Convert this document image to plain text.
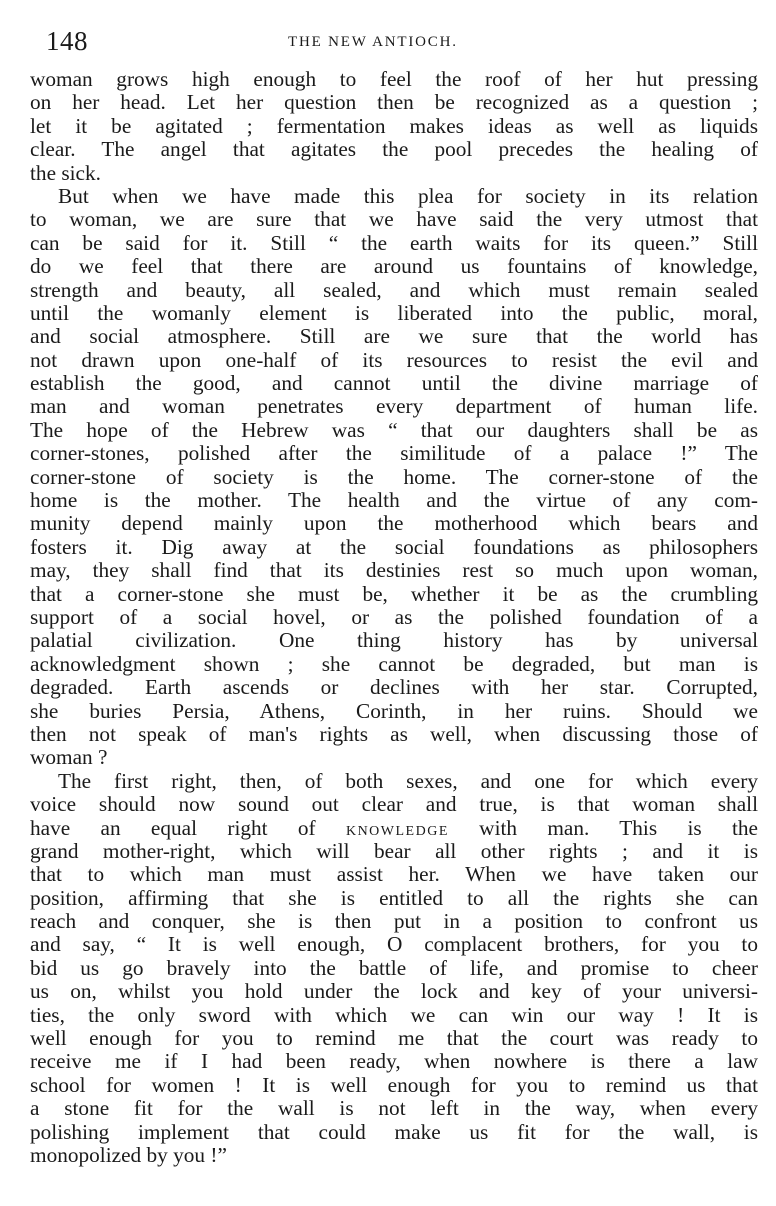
148	THE NEW ANTIOCH.
woman grows high enough to feel the roof of her hut pressing
on her head. Let her question then be recognized as a question ;
let it be agitated ; fermentation makes ideas as well as liquids
clear. The angel that agitates the pool precedes the healing of
the sick.
But when we have made this plea for society in its relation
to woman, we are sure that we have said the very utmost that
can be said for it. Still “ the earth waits for its queen.” Still
do we feel that there are around us fountains of knowledge,
strength and beauty, all sealed, and which must remain sealed
until the womanly element is liberated into the public, moral,
and social atmosphere. Still are we sure that the world has
not drawn upon one-half of its resources to resist the evil and
establish the good, and cannot until the divine marriage of
man and woman penetrates every department of human life.
The hope of the Hebrew was “ that our daughters shall be as
corner-stones, polished after the similitude of a palace !” The
corner-stone of society is the home. The corner-stone of the
home is the mother. The health and the virtue of any com-
munity depend mainly upon the motherhood which bears and
fosters it. Dig away at the social foundations as philosophers
may, they shall find that its destinies rest so much upon woman,
that a corner-stone she must be, whether it be as the crumbling
support of a social hovel, or as the polished foundation of a
palatial civilization. One thing history has by universal
acknowledgment shown ; she cannot be degraded, but man is
degraded. Earth ascends or declines with her star. Corrupted,
she buries Persia, Athens, Corinth, in her ruins. Should we
then not speak of man's rights as well, when discussing those of
woman ?
The first right, then, of both sexes, and one for which every
voice should now sound out clear and true, is that woman shall
have an equal right of KNOWLEDGE with man. This is the
grand mother-right, which will bear all other rights ; and it is
that to which man must assist her. When we have taken our
position, affirming that she is entitled to all the rights she can
reach and conquer, she is then put in a position to confront us
and say, “ It is well enough, O complacent brothers, for you to
bid us go bravely into the battle of life, and promise to cheer
us on, whilst you hold under the lock and key of your universi-
ties, the only sword with which we can win our way ! It is
well enough for you to remind me that the court was ready to
receive me if I had been ready, when nowhere is there a law
school for women ! It is well enough for you to remind us that
a stone fit for the wall is not left in the way, when every
polishing implement that could make us fit for the wall, is
monopolized by you !”
